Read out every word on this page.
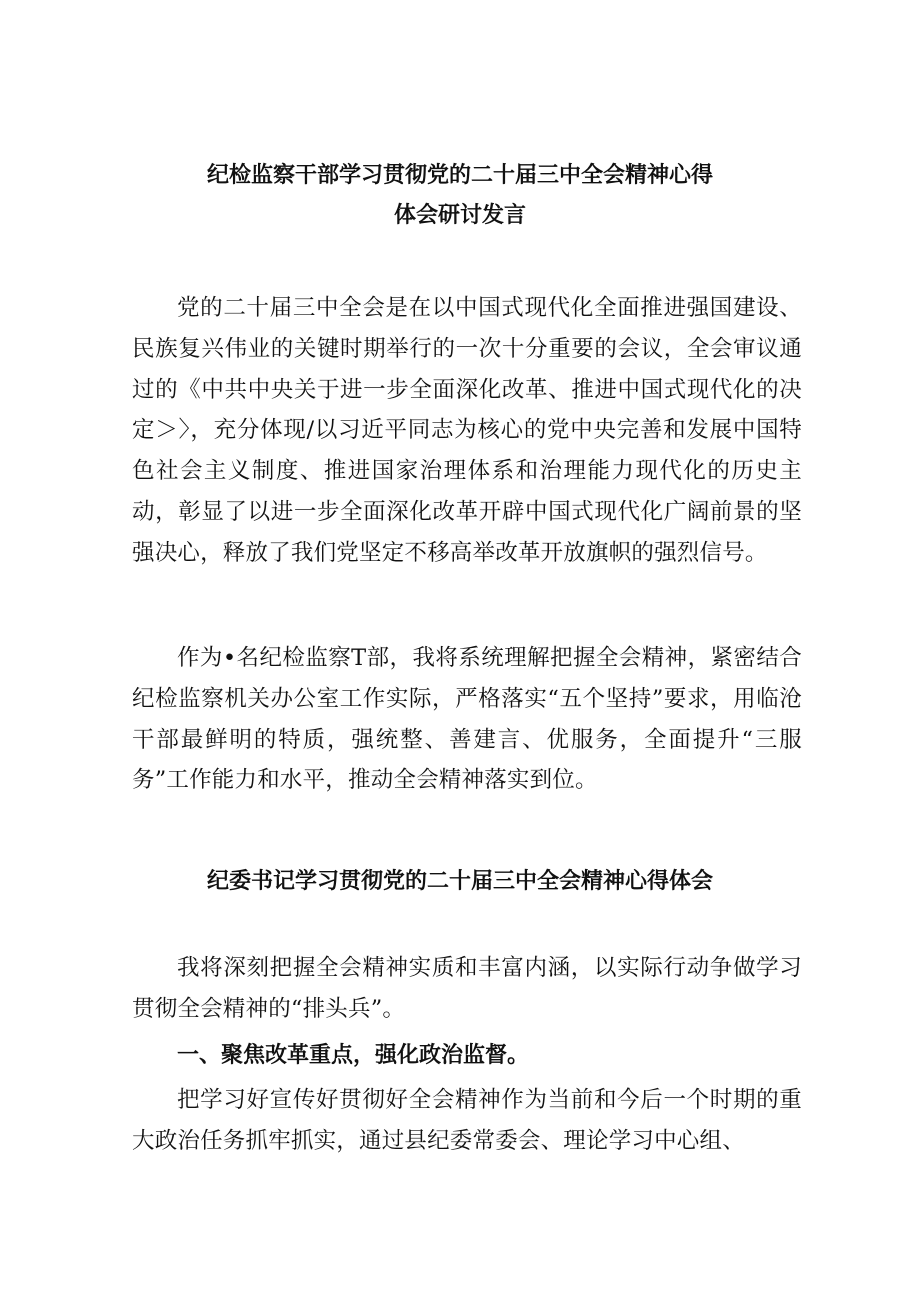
纪检监察干部学习贯彻党的二十届三中全会精神心得
体会研讨发言

党的二十届三中全会是在以中国式现代化全面推进强国建设、民族复兴伟业的关键时期举行的一次十分重要的会议，全会审议通过的《中共中央关于进一步全面深化改革、推进中国式现代化的决定＞〉，充分体现/以习近平同志为核心的党中央完善和发展中国特色社会主义制度、推进国家治理体系和治理能力现代化的历史主动，彰显了以进一步全面深化改革开辟中国式现代化广阔前景的坚强决心，释放了我们党坚定不移高举改革开放旗帜的强烈信号。

作为•名纪检监察T部，我将系统理解把握全会精神，紧密结合纪检监察机关办公室工作实际，严格落实“五个坚持”要求，用临沧干部最鲜明的特质，强统整、善建言、优服务，全面提升“三服务”工作能力和水平，推动全会精神落实到位。

纪委书记学习贯彻党的二十届三中全会精神心得体会

我将深刻把握全会精神实质和丰富内涵，以实际行动争做学习贯彻全会精神的“排头兵”。

一、聚焦改革重点，强化政治监督。

把学习好宣传好贯彻好全会精神作为当前和今后一个时期的重大政治任务抓牢抓实，通过县纪委常委会、理论学习中心组、
